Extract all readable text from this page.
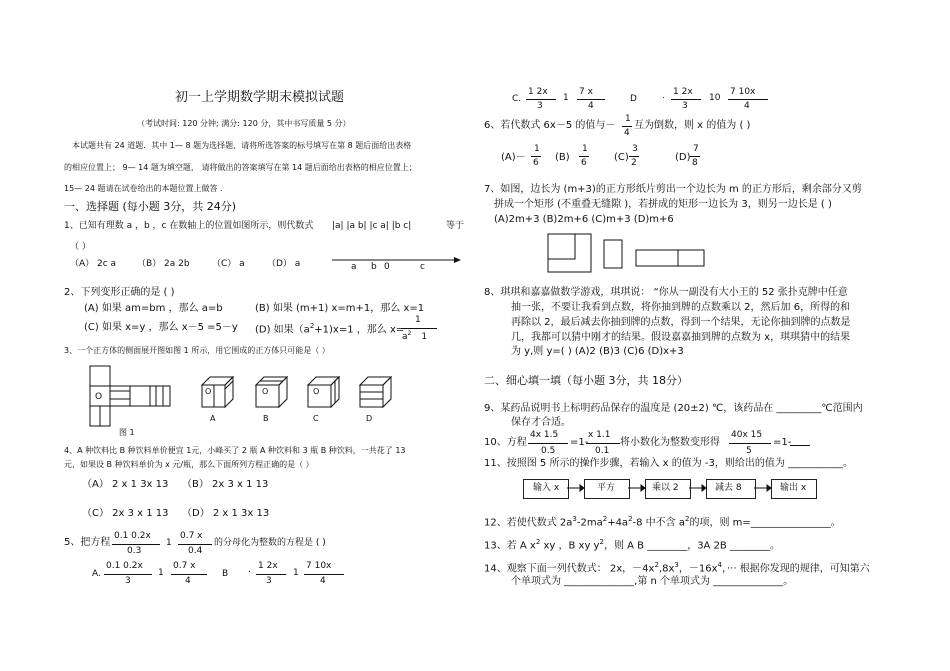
初一上学期数学期末模拟试题
（考试时间: 120 分钟; 满分: 120 分，其中书写质量 5 分）
本试题共有 24 道题．其中 1— 8 题为选择题，请将所选答案的标号填写在第 8 题后面给出表格
的相应位置上； 9— 14 题为填空题， 请将做出的答案填写在第 14 题后面给出表格的相应位置上；
15— 24 题请在试卷给出的本题位置上做答 .
一、选择题 (每小题 3分，共 24分)
1、已知有理数 a ，b ，c 在数轴上的位置如图所示，则代数式 |a| |a b| |c a| |b c|	等于
（ ）
（A） 2c a （B） 2a 2b （C） a （D） a	a b 0	c
2、下列变形正确的是 ( )
(A) 如果 am=bm ，那么 a=b	(B) 如果 (m+1) x=m+1，那么 x=1
(C) 如果 x=y ，那么 x－5 =5－y (D) 如果$(a^2+1)x=1$ ，那么 x=
1
$a^2$ 1
3、一个正方体的侧面展开图如图 1 所示，用它围成的正方体只可能是（ ）
O
图 1
O
A
O
B
O
C	D
4、A 种饮料比 B 种饮料单价便宜 1元，小峰买了 2 瓶 A 种饮料和 3 瓶 B 种饮料，一共花了 13
元，如果设 B 种饮料单价为 x 元/瓶，那么下面所列方程正确的是（ ）
（A） 2 x 1 3x 13 （B） 2x 3 x 1 13
（C） 2x 3 x 1 13 （D） 2 x 1 3x 13
5、把方程
0.1 0.2x
0.3
1
0.7 x
0.4
的分母化为整数的方程是 ( )
A.
0.1 0.2x
3
1
0.7 x
4
B . 1 2x
3
1
7 10x
4
C.
1 2x
3
1
7 x
4
D	. 1 2x
3
10
7 10x
4
6、若代数式 6x－5 的值与－
1
4
互为倒数，则 x 的值为 ( )
(A)－
1
6 (B)
1
6	(C)
3
2	(D)
7
8
7、如图，边长为 (m+3)的正方形纸片剪出一个边长为 m 的正方形后，剩余部分又剪
拼成一个矩形 (不重叠无缝隙 )，若拼成的矩形一边长为 3，则另一边长是 ( )
(A)2m+3 (B)2m+6 (C)m+3 (D)m+6
8、琪琪和嘉嘉做数学游戏，琪琪说： “你从一副没有大小王的 52 张扑克牌中任意
抽一张，不要让我看到点数，将你抽到牌的点数乘以 2，然后加 6，所得的和
再除以 2，最后减去你抽到牌的点数，得到一个结果，无论你抽到牌的点数是
几，我都可以猜中刚才的结果。假设嘉嘉抽到牌的点数为 x，琪琪猜中的结果
为 y,则 y=( ) (A)2 (B)3 (C)6 (D)x+3
二、细心填一填（每小题 3分，共 18分）
9、某药品说明书上标明药品保存的温度是 (20±2) ℃，该药品在 _________℃范围内
保存才合适。
10、方程
4x 1.5
0.5
=1-
x 1.1
0.1
将小数化为整数变形得
40x 15
5
=1-
11、按照图 5 所示的操作步骤，若输入 x 的值为 -3，则给出的值为 ___________。
输入 x	平方	乘以 2	减去 8	输出 x
12、若使代数式 $2a^3-2ma^2+4a^2-8$ 中不含 $a^2$的项，则 m=________________。
13、若 A $x^2$ xy ，B xy $y^2$，则 A B ________，3A 2B ________。
14、观察下面一列代数式： 2x，$-4x^2,8x^3$，$-16x^4$，··· 根据你发现的规律，可知第六
个单项式为 ______________,第 n 个单项式为 ______________。
